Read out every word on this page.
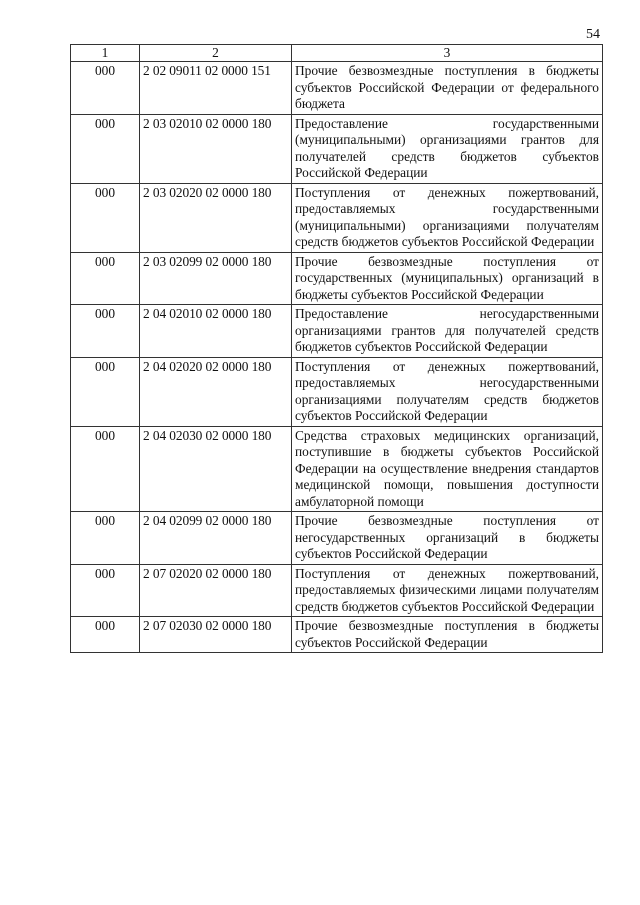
54
1	2	3
000	2 02 09011 02 0000 151	Прочие безвозмездные поступления в бюджеты субъектов Российской Федерации от федерального бюджета
000	2 03 02010 02 0000 180	Предоставление государственными (муниципальными) организациями грантов для получателей средств бюджетов субъектов Российской Федерации
000	2 03 02020 02 0000 180	Поступления от денежных пожертвований, предоставляемых государственными (муниципальными) организациями получателям средств бюджетов субъектов Российской Федерации
000	2 03 02099 02 0000 180	Прочие безвозмездные поступления от государственных (муниципальных) организаций в бюджеты субъектов Российской Федерации
000	2 04 02010 02 0000 180	Предоставление негосударственными организациями грантов для получателей средств бюджетов субъектов Российской Федерации
000	2 04 02020 02 0000 180	Поступления от денежных пожертвований, предоставляемых негосударственными организациями получателям средств бюджетов субъектов Российской Федерации
000	2 04 02030 02 0000 180	Средства страховых медицинских организаций, поступившие в бюджеты субъектов Российской Федерации на осуществление внедрения стандартов медицинской помощи, повышения доступности амбулаторной помощи
000	2 04 02099 02 0000 180	Прочие безвозмездные поступления от негосударственных организаций в бюджеты субъектов Российской Федерации
000	2 07 02020 02 0000 180	Поступления от денежных пожертвований, предоставляемых физическими лицами получателям средств бюджетов субъектов Российской Федерации
000	2 07 02030 02 0000 180	Прочие безвозмездные поступления в бюджеты субъектов Российской Федерации
